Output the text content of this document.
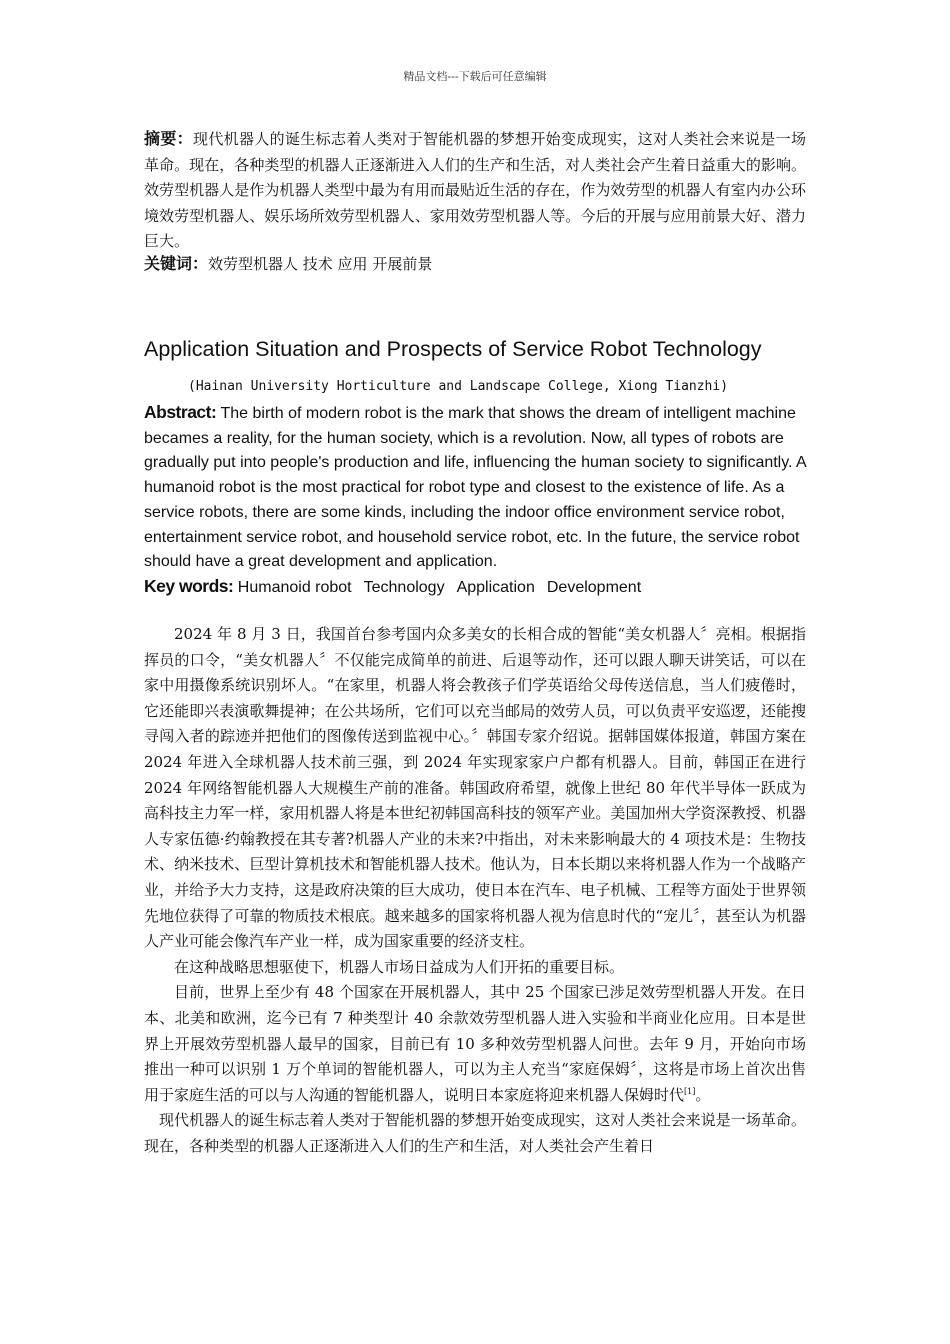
精品文档---下载后可任意编辑
摘要：现代机器人的诞生标志着人类对于智能机器的梦想开始变成现实，这对人类社会来说是一场革命。现在，各种类型的机器人正逐渐进入人们的生产和生活，对人类社会产生着日益重大的影响。效劳型机器人是作为机器人类型中最为有用而最贴近生活的存在，作为效劳型的机器人有室内办公环境效劳型机器人、娱乐场所效劳型机器人、家用效劳型机器人等。今后的开展与应用前景大好、潜力巨大。
关键词：效劳型机器人 技术 应用 开展前景
Application Situation and Prospects of Service Robot Technology
(Hainan University Horticulture and Landscape College, Xiong Tianzhi)
Abstract: The birth of modern robot is the mark that shows the dream of intelligent machine becames a reality, for the human society, which is a revolution. Now, all types of robots are gradually put into people's production and life, influencing the human society to significantly. A humanoid robot is the most practical for robot type and closest to the existence of life. As a service robots, there are some kinds, including the indoor office environment service robot, entertainment service robot, and household service robot, etc. In the future, the service robot should have a great development and application.
Key words: Humanoid robot Technology Application Development

2024 年 8 月 3 日，我国首台参考国内众多美女的长相合成的智能“美女机器人〞亮相。根据指挥员的口令，“美女机器人〞不仅能完成简单的前进、后退等动作，还可以跟人聊天讲笑话，可以在家中用摄像系统识别坏人。“在家里，机器人将会教孩子们学英语给父母传送信息，当人们疲倦时，它还能即兴表演歌舞提神；在公共场所，它们可以充当邮局的效劳人员，可以负责平安巡逻，还能搜寻闯入者的踪迹并把他们的图像传送到监视中心。〞韩国专家介绍说。据韩国媒体报道，韩国方案在 2024 年进入全球机器人技术前三强，到 2024 年实现家家户户都有机器人。目前，韩国正在进行 2024 年网络智能机器人大规模生产前的准备。韩国政府希望，就像上世纪 80 年代半导体一跃成为高科技主力军一样，家用机器人将是本世纪初韩国高科技的领军产业。美国加州大学资深教授、机器人专家伍德·约翰教授在其专著?机器人产业的未来?中指出，对未来影响最大的 4 项技术是：生物技术、纳米技术、巨型计算机技术和智能机器人技术。他认为，日本长期以来将机器人作为一个战略产业，并给予大力支持，这是政府决策的巨大成功，使日本在汽车、电子机械、工程等方面处于世界领先地位获得了可靠的物质技术根底。越来越多的国家将机器人视为信息时代的“宠儿〞，甚至认为机器人产业可能会像汽车产业一样，成为国家重要的经济支柱。

在这种战略思想驱使下，机器人市场日益成为人们开拓的重要目标。

目前，世界上至少有 48 个国家在开展机器人，其中 25 个国家已涉足效劳型机器人开发。在日本、北美和欧洲，迄今已有 7 种类型计 40 余款效劳型机器人进入实验和半商业化应用。日本是世界上开展效劳型机器人最早的国家，目前已有 10 多种效劳型机器人问世。去年 9 月，开始向市场推出一种可以识别 1 万个单词的智能机器人，可以为主人充当“家庭保姆〞，这将是市场上首次出售用于家庭生活的可以与人沟通的智能机器人，说明日本家庭将迎来机器人保姆时代[1]。

现代机器人的诞生标志着人类对于智能机器的梦想开始变成现实，这对人类社会来说是一场革命。现在，各种类型的机器人正逐渐进入人们的生产和生活，对人类社会产生着日
